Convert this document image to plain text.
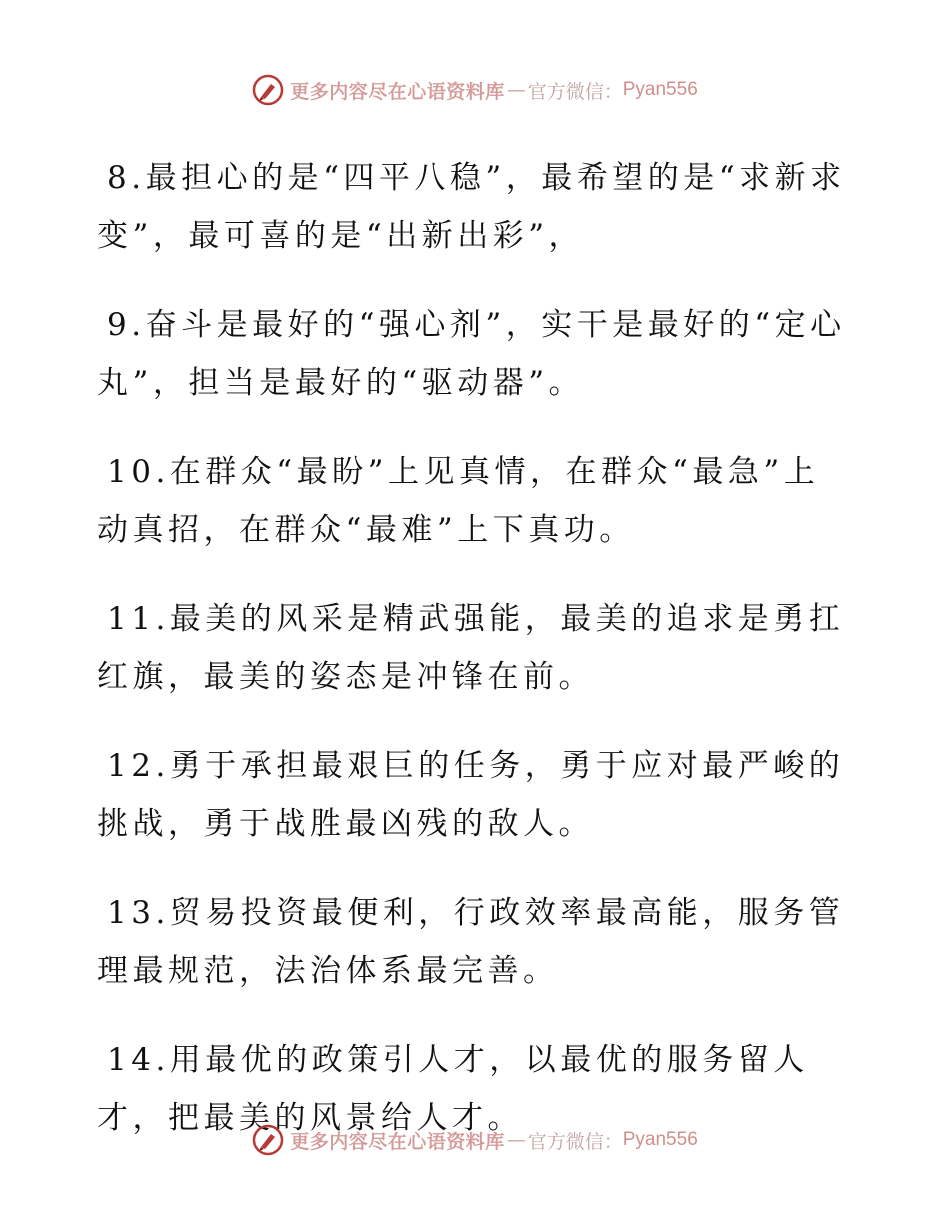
更多内容尽在心语资料库 — 官方微信： Pyan556

8.最担心的是“四平八稳”，最希望的是“求新求变”，最可喜的是“出新出彩”，

9.奋斗是最好的“强心剂”，实干是最好的“定心丸”，担当是最好的“驱动器”。

10.在群众“最盼”上见真情，在群众“最急”上动真招，在群众“最难”上下真功。

11.最美的风采是精武强能，最美的追求是勇扛红旗，最美的姿态是冲锋在前。

12.勇于承担最艰巨的任务，勇于应对最严峻的挑战，勇于战胜最凶残的敌人。

13.贸易投资最便利，行政效率最高能，服务管理最规范，法治体系最完善。

14.用最优的政策引人才，以最优的服务留人才，把最美的风景给人才。

更多内容尽在心语资料库 — 官方微信： Pyan556
